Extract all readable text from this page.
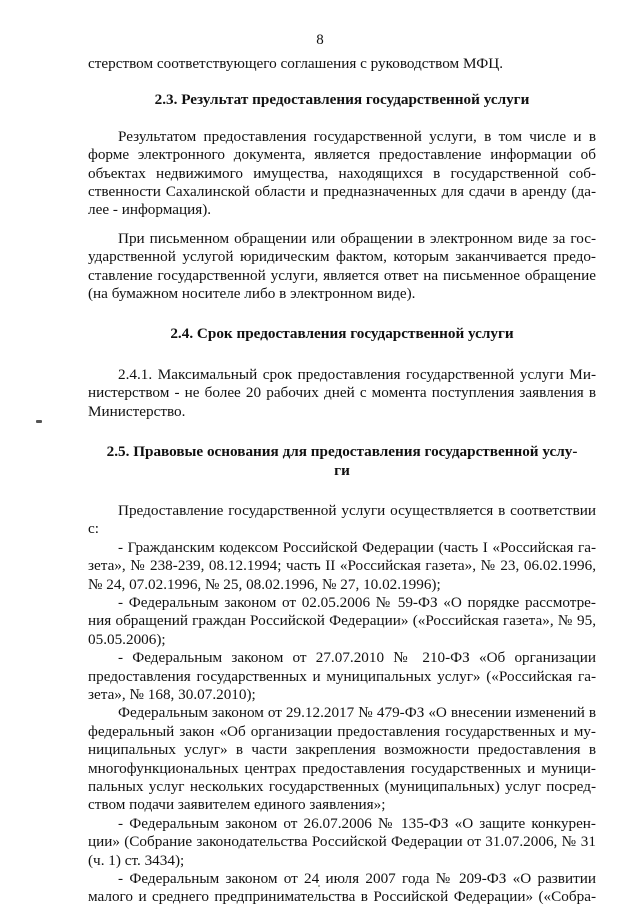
8
стерством соответствующего соглашения с руководством МФЦ.
2.3. Результат предоставления государственной услуги
Результатом предоставления государственной услуги, в том числе и в
форме электронного документа, является предоставление информации об
объектах недвижимого имущества, находящихся в государственной соб-
ственности Сахалинской области и предназначенных для сдачи в аренду (да-
лее - информация).
При письменном обращении или обращении в электронном виде за гос-
ударственной услугой юридическим фактом, которым заканчивается предо-
ставление государственной услуги, является ответ на письменное обращение
(на бумажном носителе либо в электронном виде).
2.4. Срок предоставления государственной услуги
2.4.1. Максимальный срок предоставления государственной услуги Ми-
нистерством - не более 20 рабочих дней с момента поступления заявления в
Министерство.
2.5. Правовые основания для предоставления государственной услу-
ги
Предоставление государственной услуги осуществляется в соответствии
с:
- Гражданским кодексом Российской Федерации (часть I «Российская га-
зета», № 238-239, 08.12.1994; часть II «Российская газета», № 23, 06.02.1996,
№ 24, 07.02.1996, № 25, 08.02.1996, № 27, 10.02.1996);
- Федеральным законом от 02.05.2006 № 59-ФЗ «О порядке рассмотре-
ния обращений граждан Российской Федерации» («Российская газета», № 95,
05.05.2006);
- Федеральным законом от 27.07.2010 № 210-ФЗ «Об организации
предоставления государственных и муниципальных услуг» («Российская га-
зета», № 168, 30.07.2010);
Федеральным законом от 29.12.2017 № 479-ФЗ «О внесении изменений в
федеральный закон «Об организации предоставления государственных и му-
ниципальных услуг» в части закрепления возможности предоставления в
многофункциональных центрах предоставления государственных и муници-
пальных услуг нескольких государственных (муниципальных) услуг посред-
ством подачи заявителем единого заявления»;
- Федеральным законом от 26.07.2006 № 135-ФЗ «О защите конкурен-
ции» (Собрание законодательства Российской Федерации от 31.07.2006, № 31
(ч. 1) ст. 3434);
- Федеральным законом от 24 июля 2007 года № 209-ФЗ «О развитии
малого и среднего предпринимательства в Российской Федерации» («Собра-
